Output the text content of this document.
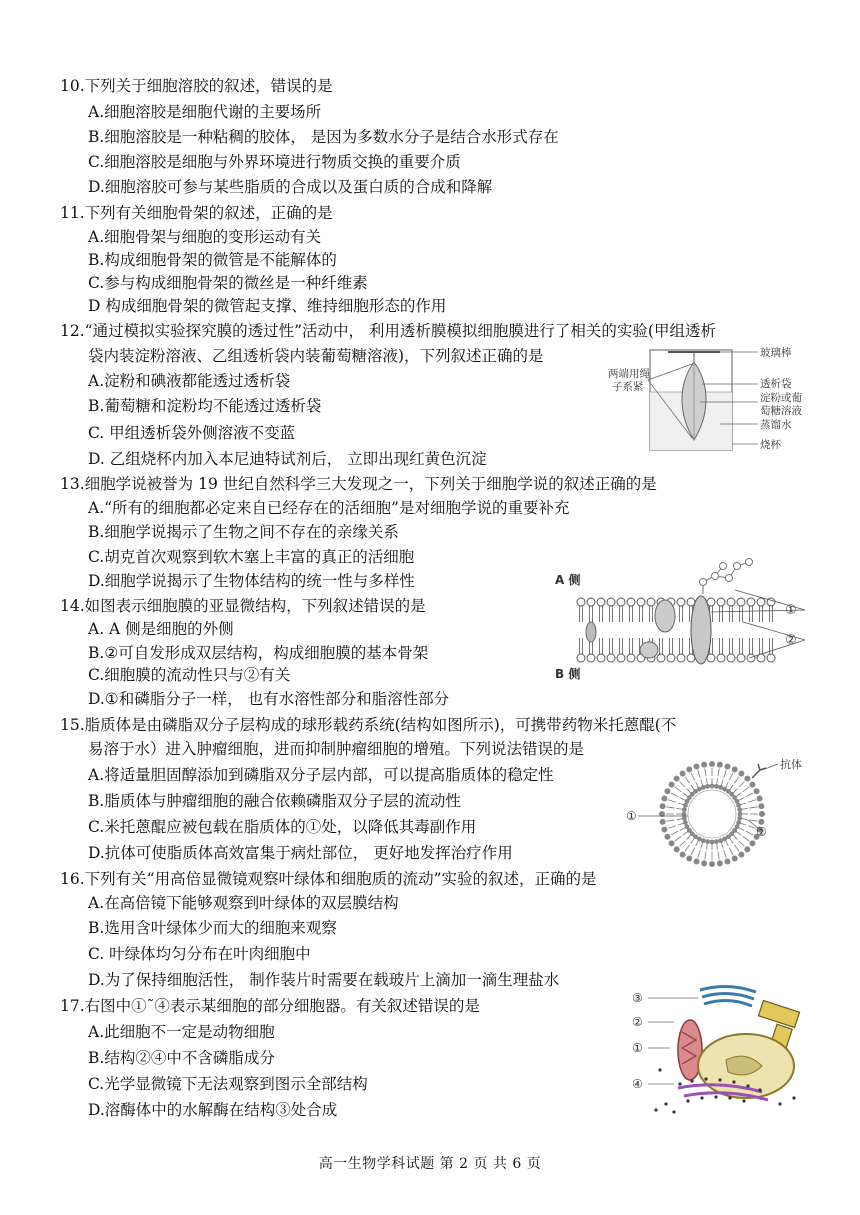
10.下列关于细胞溶胶的叙述，错误的是
A.细胞溶胶是细胞代谢的主要场所
B.细胞溶胶是一种粘稠的胶体， 是因为多数水分子是结合水形式存在
C.细胞溶胶是细胞与外界环境进行物质交换的重要介质
D.细胞溶胶可参与某些脂质的合成以及蛋白质的合成和降解
11.下列有关细胞骨架的叙述，正确的是
A.细胞骨架与细胞的变形运动有关
B.构成细胞骨架的微管是不能解体的
C.参与构成细胞骨架的微丝是一种纤维素
D 构成细胞骨架的微管起支撑、维持细胞形态的作用
12.“通过模拟实验探究膜的透过性”活动中， 利用透析膜模拟细胞膜进行了相关的实验(甲组透析
袋内装淀粉溶液、乙组透析袋内装葡萄糖溶液)，下列叙述正确的是
A.淀粉和碘液都能透过透析袋
B.葡萄糖和淀粉均不能透过透析袋
C. 甲组透析袋外侧溶液不变蓝
D. 乙组烧杯内加入本尼迪特试剂后， 立即出现红黄色沉淀
13.细胞学说被誉为 19 世纪自然科学三大发现之一，下列关于细胞学说的叙述正确的是
A.“所有的细胞都必定来自已经存在的活细胞”是对细胞学说的重要补充
B.细胞学说揭示了生物之间不存在的亲缘关系
C.胡克首次观察到软木塞上丰富的真正的活细胞
D.细胞学说揭示了生物体结构的统一性与多样性
14.如图表示细胞膜的亚显微结构，下列叙述错误的是
A. A 侧是细胞的外侧
B.②可自发形成双层结构，构成细胞膜的基本骨架
C.细胞膜的流动性只与②有关
D.①和磷脂分子一样， 也有水溶性部分和脂溶性部分
15.脂质体是由磷脂双分子层构成的球形载药系统(结构如图所示)，可携带药物米托蒽醌(不
易溶于水）进入肿瘤细胞，进而抑制肿瘤细胞的增殖。下列说法错误的是
A.将适量胆固醇添加到磷脂双分子层内部，可以提高脂质体的稳定性
B.脂质体与肿瘤细胞的融合依赖磷脂双分子层的流动性
C.米托蒽醌应被包载在脂质体的①处，以降低其毒副作用
D.抗体可使脂质体高效富集于病灶部位， 更好地发挥治疗作用
16.下列有关“用高倍显微镜观察叶绿体和细胞质的流动”实验的叙述，正确的是
A.在高倍镜下能够观察到叶绿体的双层膜结构
B.选用含叶绿体少而大的细胞来观察
C. 叶绿体均匀分布在叶肉细胞中
D.为了保持细胞活性， 制作装片时需要在载玻片上滴加一滴生理盐水
17.右图中①˜④表示某细胞的部分细胞器。有关叙述错误的是
A.此细胞不一定是动物细胞
B.结构②④中不含磷脂成分
C.光学显微镜下无法观察到图示全部结构
D.溶酶体中的水解酶在结构③处合成
玻璃棒
两端用绳
子系紧	透析袋
淀粉或葡
萄糖溶液
蒸馏水
烧杯
A 侧
B 侧
①
②
抗体
①
②
③
②
①
④
高一生物学科试题 第 2 页 共 6 页
